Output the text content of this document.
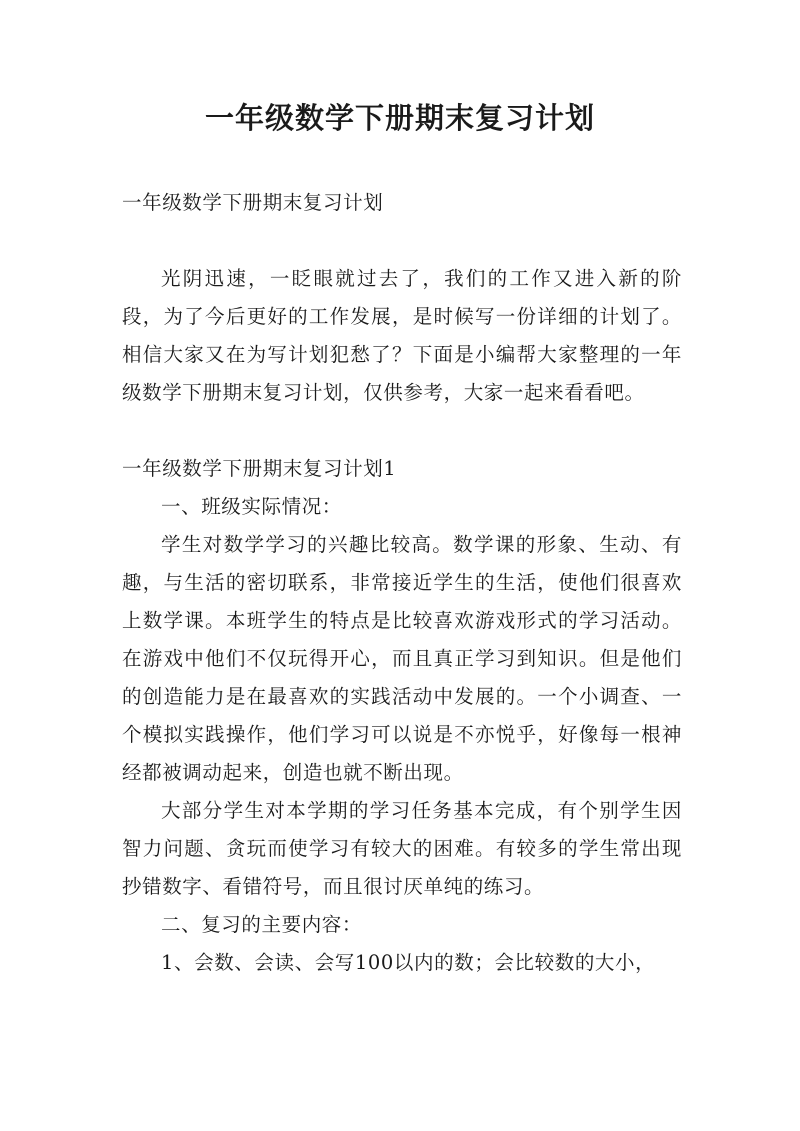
一年级数学下册期末复习计划

一年级数学下册期末复习计划

光阴迅速，一眨眼就过去了，我们的工作又进入新的阶段，为了今后更好的工作发展，是时候写一份详细的计划了。相信大家又在为写计划犯愁了？下面是小编帮大家整理的一年级数学下册期末复习计划，仅供参考，大家一起来看看吧。

一年级数学下册期末复习计划1

一、班级实际情况：

学生对数学学习的兴趣比较高。数学课的形象、生动、有趣，与生活的密切联系，非常接近学生的生活，使他们很喜欢上数学课。本班学生的特点是比较喜欢游戏形式的学习活动。在游戏中他们不仅玩得开心，而且真正学习到知识。但是他们的创造能力是在最喜欢的实践活动中发展的。一个小调查、一个模拟实践操作，他们学习可以说是不亦悦乎，好像每一根神经都被调动起来，创造也就不断出现。

大部分学生对本学期的学习任务基本完成，有个别学生因智力问题、贪玩而使学习有较大的困难。有较多的学生常出现抄错数字、看错符号，而且很讨厌单纯的练习。

二、复习的主要内容：

1、会数、会读、会写100以内的数；会比较数的大小，
